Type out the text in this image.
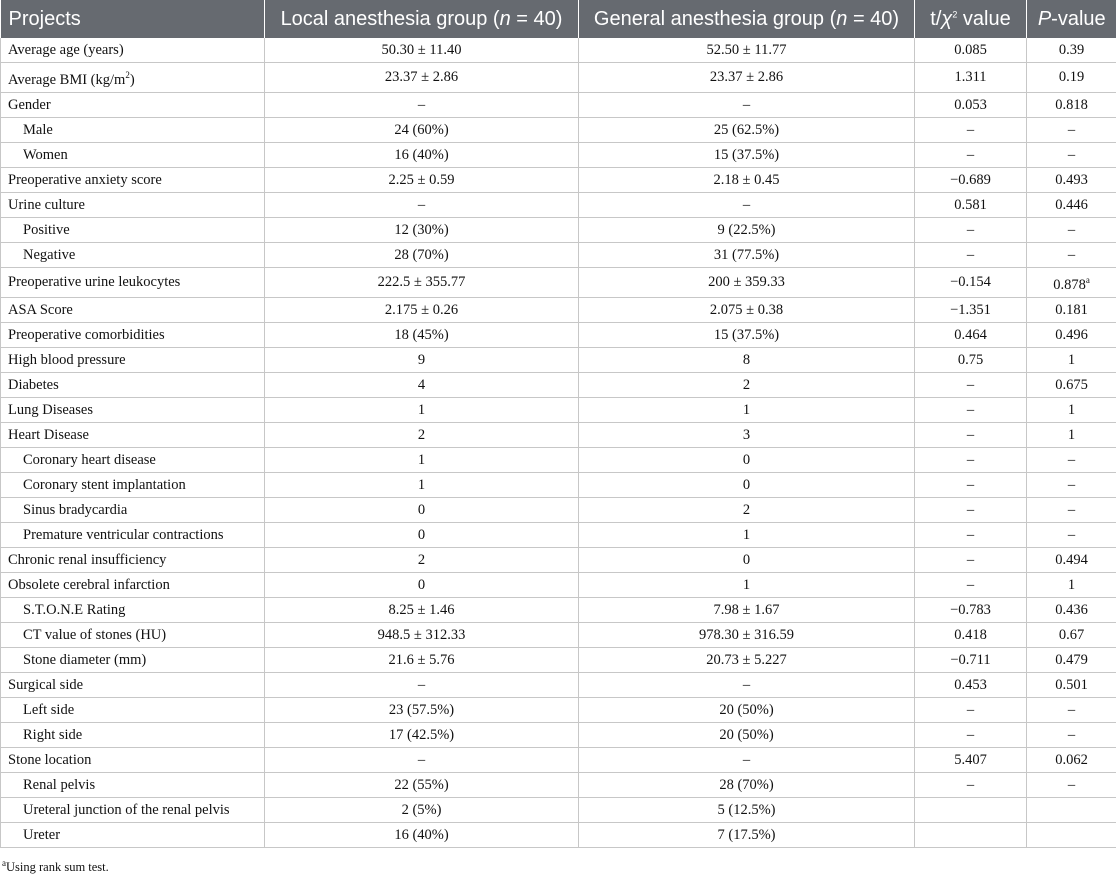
Projects	Local anesthesia group (n = 40)	General anesthesia group (n = 40)	$t/\chi^2$ value	P-value
Average age (years)	50.30 ± 11.40	52.50 ± 11.77	0.085	0.39
Average BMI $(kg/m^2)$	23.37 ± 2.86	23.37 ± 2.86	1.311	0.19
Gender	–	–	0.053	0.818
Male	24 (60%)	25 (62.5%)	–	–
Women	16 (40%)	15 (37.5%)	–	–
Preoperative anxiety score	2.25 ± 0.59	2.18 ± 0.45	−0.689	0.493
Urine culture	–	–	0.581	0.446
Positive	12 (30%)	9 (22.5%)	–	–
Negative	28 (70%)	31 (77.5%)	–	–
Preoperative urine leukocytes	222.5 ± 355.77	200 ± 359.33	−0.154	0.878$^a$
ASA Score	2.175 ± 0.26	2.075 ± 0.38	−1.351	0.181
Preoperative comorbidities	18 (45%)	15 (37.5%)	0.464	0.496
High blood pressure	9	8	0.75	1
Diabetes	4	2	–	0.675
Lung Diseases	1	1	–	1
Heart Disease	2	3	–	1
Coronary heart disease	1	0	–	–
Coronary stent implantation	1	0	–	–
Sinus bradycardia	0	2	–	–
Premature ventricular contractions	0	1	–	–
Chronic renal insufficiency	2	0	–	0.494
Obsolete cerebral infarction	0	1	–	1
S.T.O.N.E Rating	8.25 ± 1.46	7.98 ± 1.67	−0.783	0.436
CT value of stones (HU)	948.5 ± 312.33	978.30 ± 316.59	0.418	0.67
Stone diameter (mm)	21.6 ± 5.76	20.73 ± 5.227	−0.711	0.479
Surgical side	–	–	0.453	0.501
Left side	23 (57.5%)	20 (50%)	–	–
Right side	17 (42.5%)	20 (50%)	–	–
Stone location	–	–	5.407	0.062
Renal pelvis	22 (55%)	28 (70%)	–	–
Ureteral junction of the renal pelvis	2 (5%)	5 (12.5%)		
Ureter	16 (40%)	7 (17.5%)		
$^a$Using rank sum test.
